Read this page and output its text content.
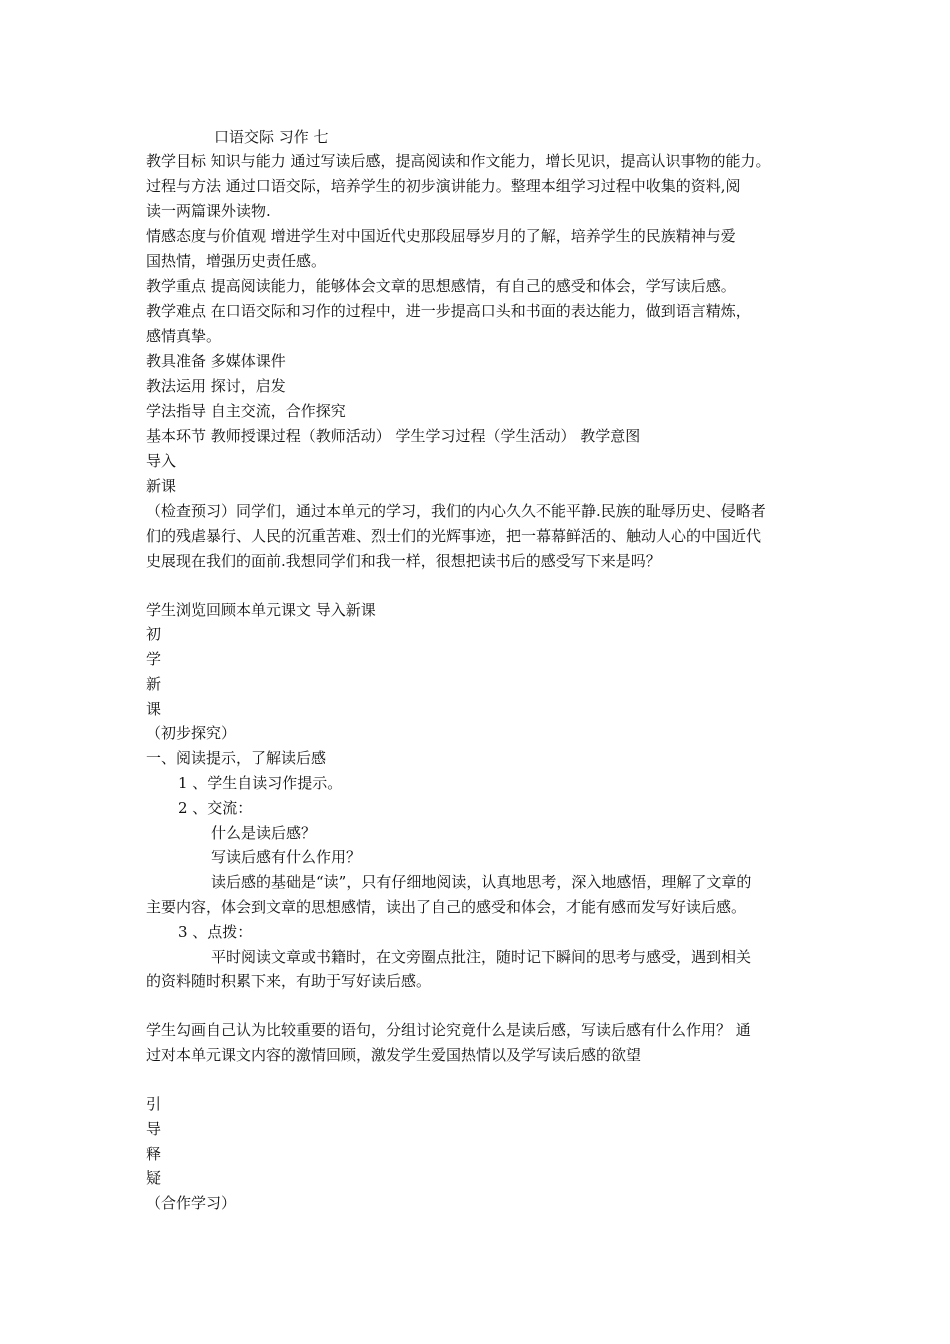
口语交际 习作 七
教学目标 知识与能力 通过写读后感，提高阅读和作文能力，增长见识，提高认识事物的能力。
过程与方法 通过口语交际，培养学生的初步演讲能力。整理本组学习过程中收集的资料,阅
读一两篇课外读物.
情感态度与价值观 增进学生对中国近代史那段屈辱岁月的了解，培养学生的民族精神与爱
国热情，增强历史责任感。
教学重点 提高阅读能力，能够体会文章的思想感情，有自己的感受和体会，学写读后感。
教学难点 在口语交际和习作的过程中，进一步提高口头和书面的表达能力，做到语言精炼，
感情真挚。
教具准备 多媒体课件
教法运用 探讨，启发
学法指导 自主交流，合作探究
基本环节 教师授课过程（教师活动） 学生学习过程（学生活动） 教学意图
导入
新课
（检查预习）同学们，通过本单元的学习，我们的内心久久不能平静.民族的耻辱历史、侵略者
们的残虐暴行、人民的沉重苦难、烈士们的光辉事迹，把一幕幕鲜活的、触动人心的中国近代
史展现在我们的面前.我想同学们和我一样，很想把读书后的感受写下来是吗？
学生浏览回顾本单元课文 导入新课
初
学
新
课
（初步探究）
一、阅读提示，了解读后感
1 、学生自读习作提示。
2 、交流：
什么是读后感？
写读后感有什么作用？
读后感的基础是“读”，只有仔细地阅读，认真地思考，深入地感悟，理解了文章的
主要内容，体会到文章的思想感情，读出了自己的感受和体会，才能有感而发写好读后感。
3 、点拨：
平时阅读文章或书籍时，在文旁圈点批注，随时记下瞬间的思考与感受，遇到相关
的资料随时积累下来，有助于写好读后感。
学生勾画自己认为比较重要的语句，分组讨论究竟什么是读后感，写读后感有什么作用？ 通
过对本单元课文内容的激情回顾，激发学生爱国热情以及学写读后感的欲望
引
导
释
疑
（合作学习）
